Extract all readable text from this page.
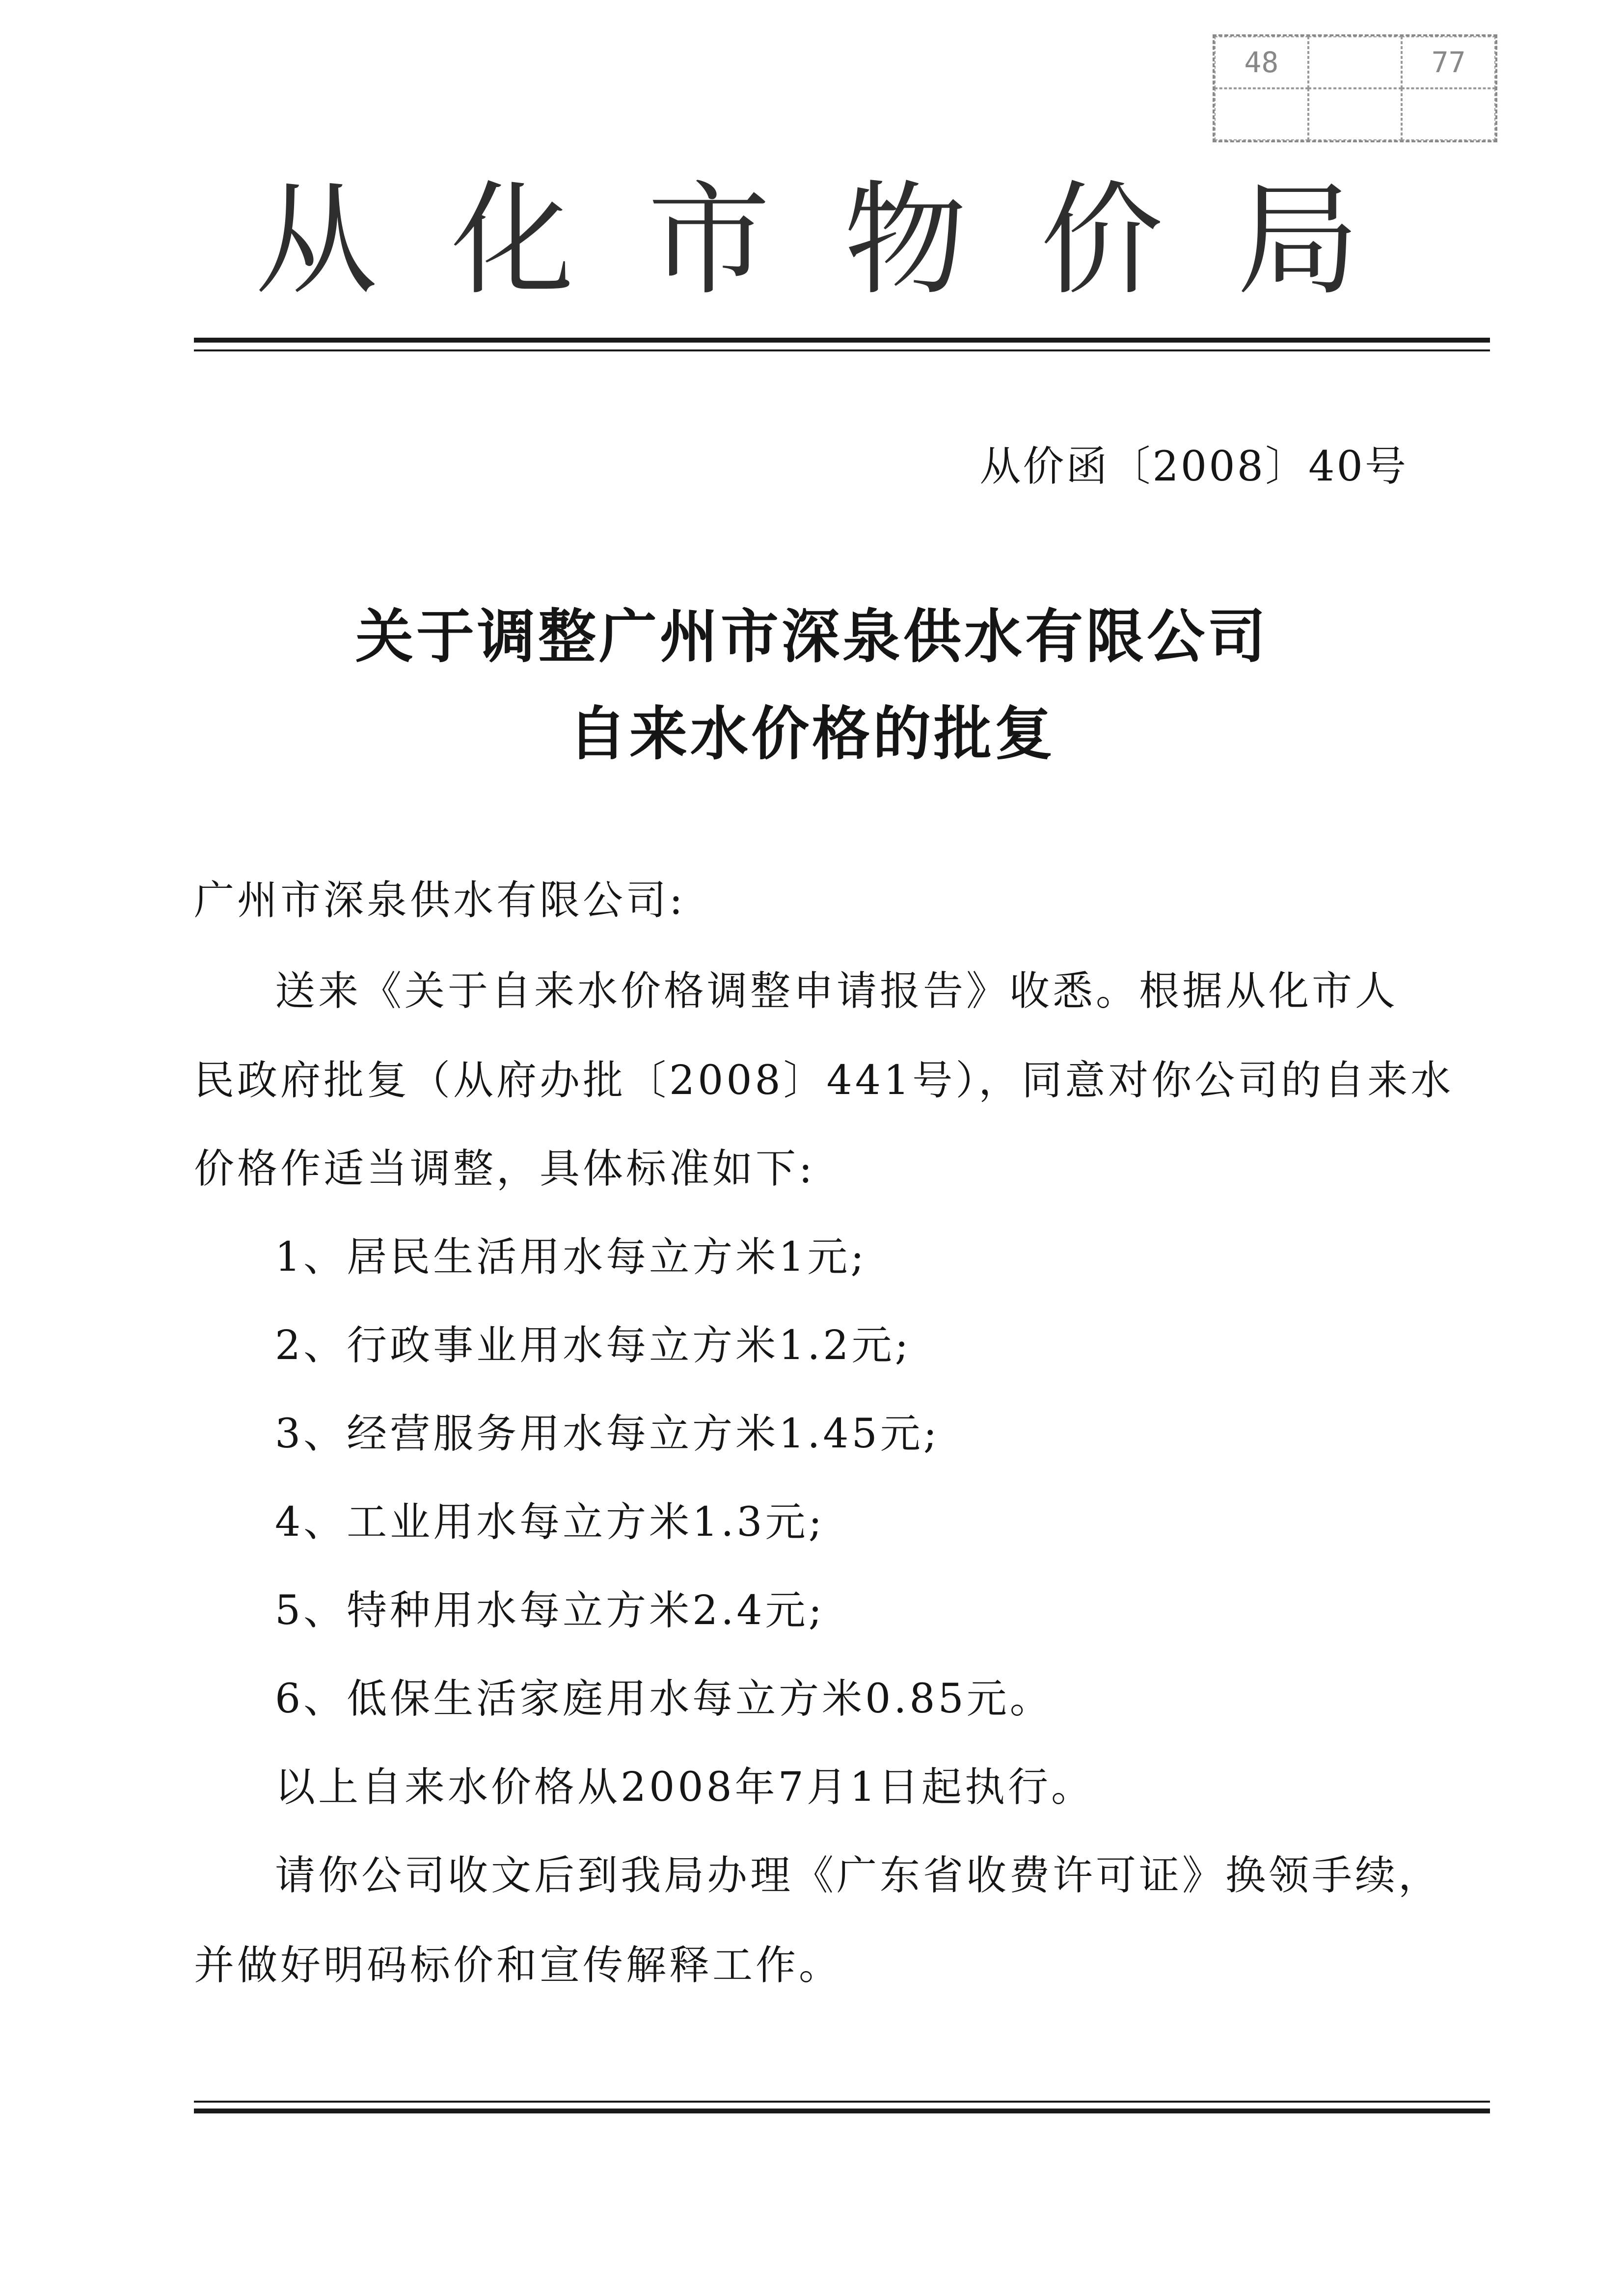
48	77
从化市物价局
从价函〔2008〕40号
关于调整广州市深泉供水有限公司
自来水价格的批复
广州市深泉供水有限公司:
送来《关于自来水价格调整申请报告》收悉。根据从化市人
民政府批复（从府办批〔2008〕441号），同意对你公司的自来水
价格作适当调整，具体标准如下:
1、居民生活用水每立方米1元;
2、行政事业用水每立方米1.2元;
3、经营服务用水每立方米1.45元;
4、工业用水每立方米1.3元;
5、特种用水每立方米2.4元;
6、低保生活家庭用水每立方米0.85元。
以上自来水价格从2008年7月1日起执行。
请你公司收文后到我局办理《广东省收费许可证》换领手续，
并做好明码标价和宣传解释工作。
